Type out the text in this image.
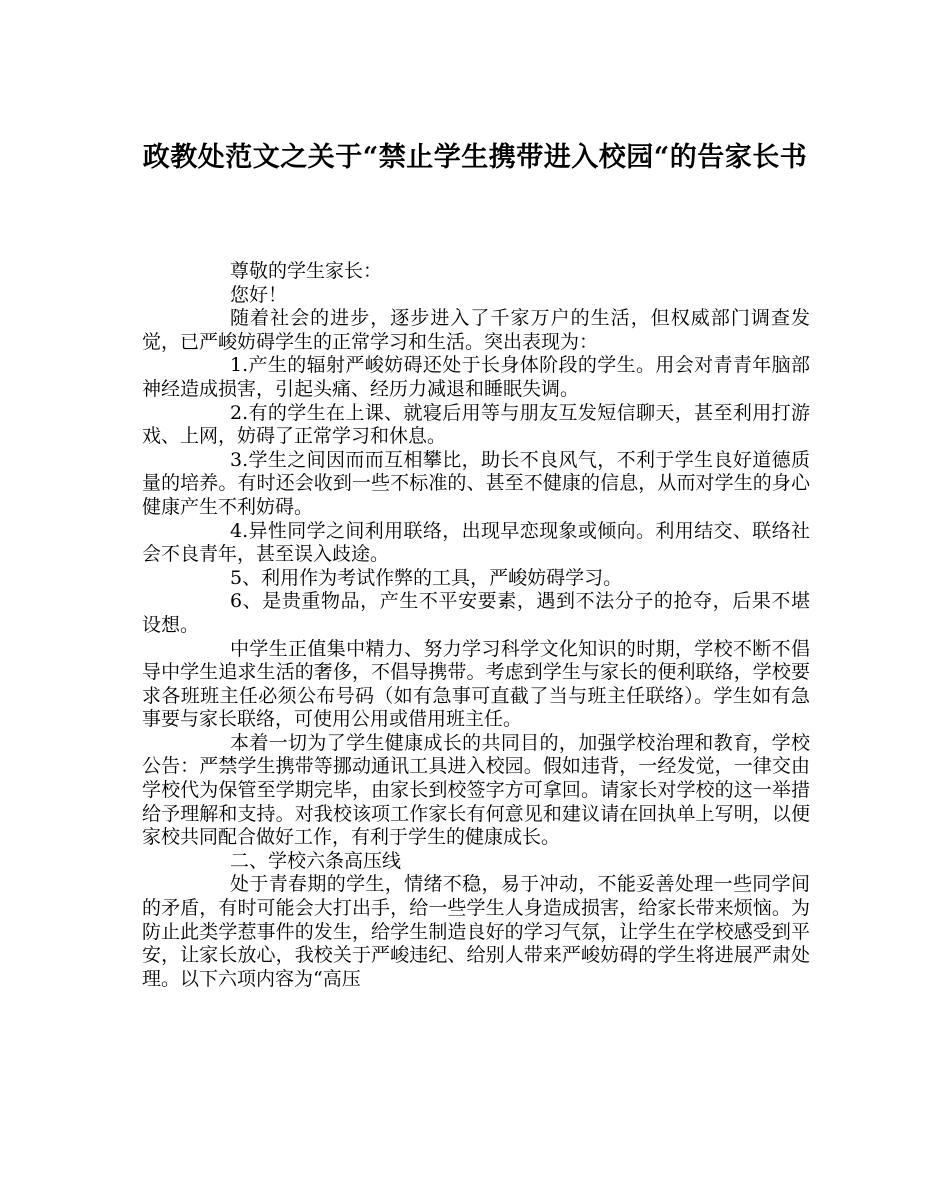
政教处范文之关于“禁止学生携带进入校园“的告家长书

尊敬的学生家长：

您好！

随着社会的进步，逐步进入了千家万户的生活，但权威部门调查发觉，已严峻妨碍学生的正常学习和生活。突出表现为：

1.产生的辐射严峻妨碍还处于长身体阶段的学生。用会对青青年脑部神经造成损害，引起头痛、经历力减退和睡眠失调。

2.有的学生在上课、就寝后用等与朋友互发短信聊天，甚至利用打游戏、上网，妨碍了正常学习和休息。

3.学生之间因而而互相攀比，助长不良风气，不利于学生良好道德质量的培养。有时还会收到一些不标准的、甚至不健康的信息，从而对学生的身心健康产生不利妨碍。

4.异性同学之间利用联络，出现早恋现象或倾向。利用结交、联络社会不良青年，甚至误入歧途。

5、利用作为考试作弊的工具，严峻妨碍学习。

6、是贵重物品，产生不平安要素，遇到不法分子的抢夺，后果不堪设想。

中学生正值集中精力、努力学习科学文化知识的时期，学校不断不倡导中学生追求生活的奢侈，不倡导携带。考虑到学生与家长的便利联络，学校要求各班班主任必须公布号码（如有急事可直截了当与班主任联络）。学生如有急事要与家长联络，可使用公用或借用班主任。

本着一切为了学生健康成长的共同目的，加强学校治理和教育，学校公告：严禁学生携带等挪动通讯工具进入校园。假如违背，一经发觉，一律交由学校代为保管至学期完毕，由家长到校签字方可拿回。请家长对学校的这一举措给予理解和支持。对我校该项工作家长有何意见和建议请在回执单上写明，以便家校共同配合做好工作，有利于学生的健康成长。

二、学校六条高压线

处于青春期的学生，情绪不稳，易于冲动，不能妥善处理一些同学间的矛盾，有时可能会大打出手，给一些学生人身造成损害，给家长带来烦恼。为防止此类学惹事件的发生，给学生制造良好的学习气氛，让学生在学校感受到平安，让家长放心，我校关于严峻违纪、给别人带来严峻妨碍的学生将进展严肃处理。以下六项内容为“高压
